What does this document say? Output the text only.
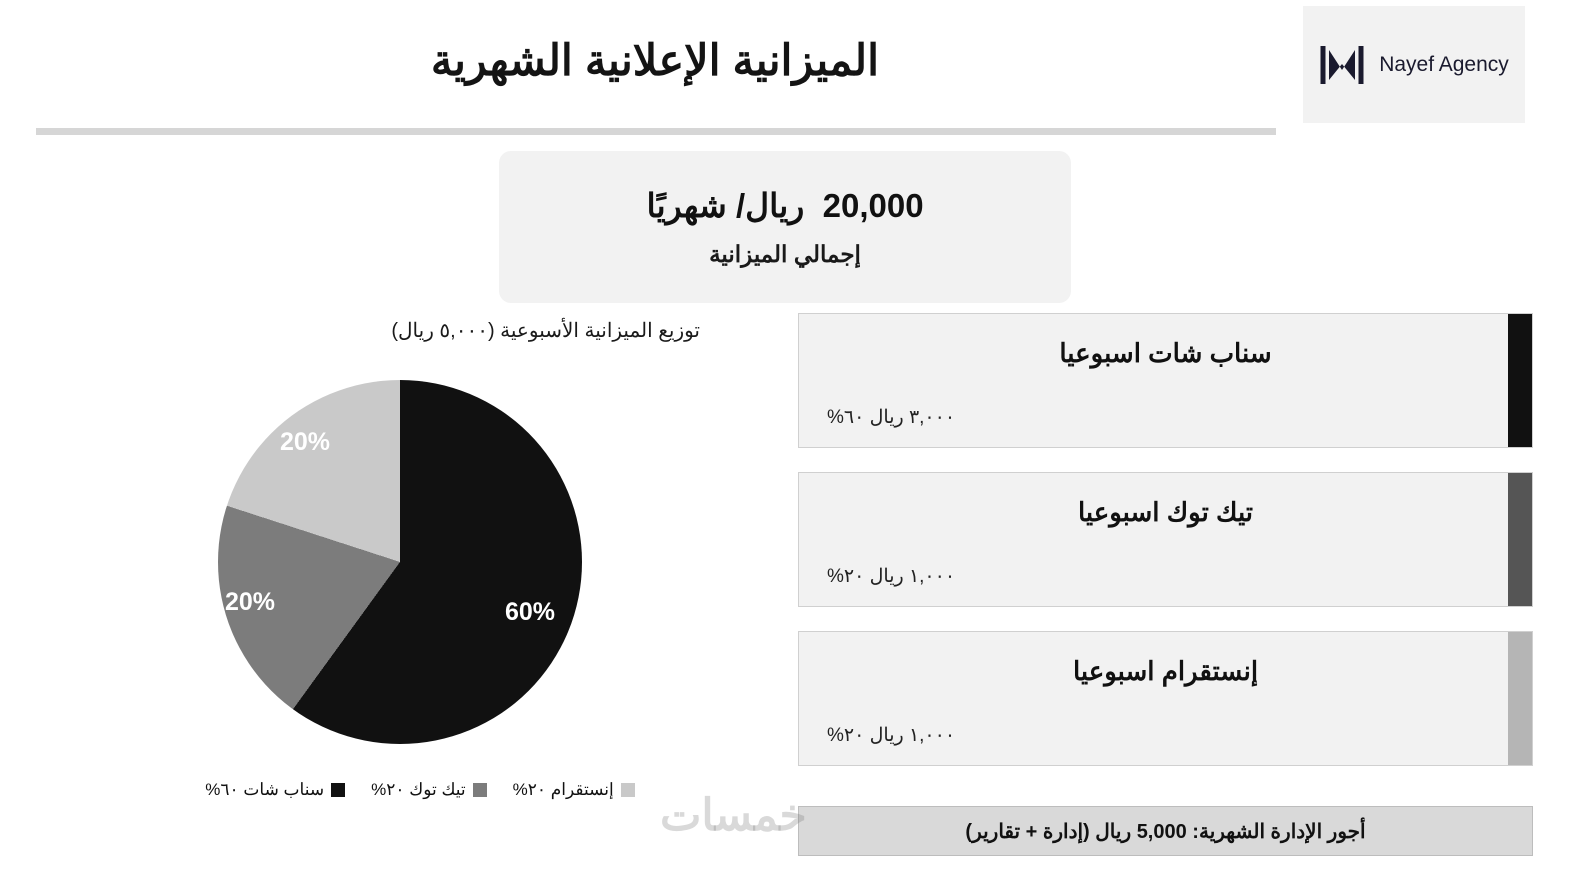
الميزانية الإعلانية الشهرية	Nayef Agency
20,000  ريال/ شهريًا
إجمالي الميزانية
توزيع الميزانية الأسبوعية (٥,٠٠٠ ريال)
60%
20%
20%
إنستقرام ٢٠%
تيك توك ٢٠%
سناب شات ٦٠%
سناب شات اسبوعيا
٣,٠٠٠ ريال ٦٠%
تيك توك اسبوعيا
١,٠٠٠ ريال ٢٠%
إنستقرام اسبوعيا
١,٠٠٠ ريال ٢٠%
أجور الإدارة الشهرية: 5,000 ريال (إدارة + تقارير)
خمسات
